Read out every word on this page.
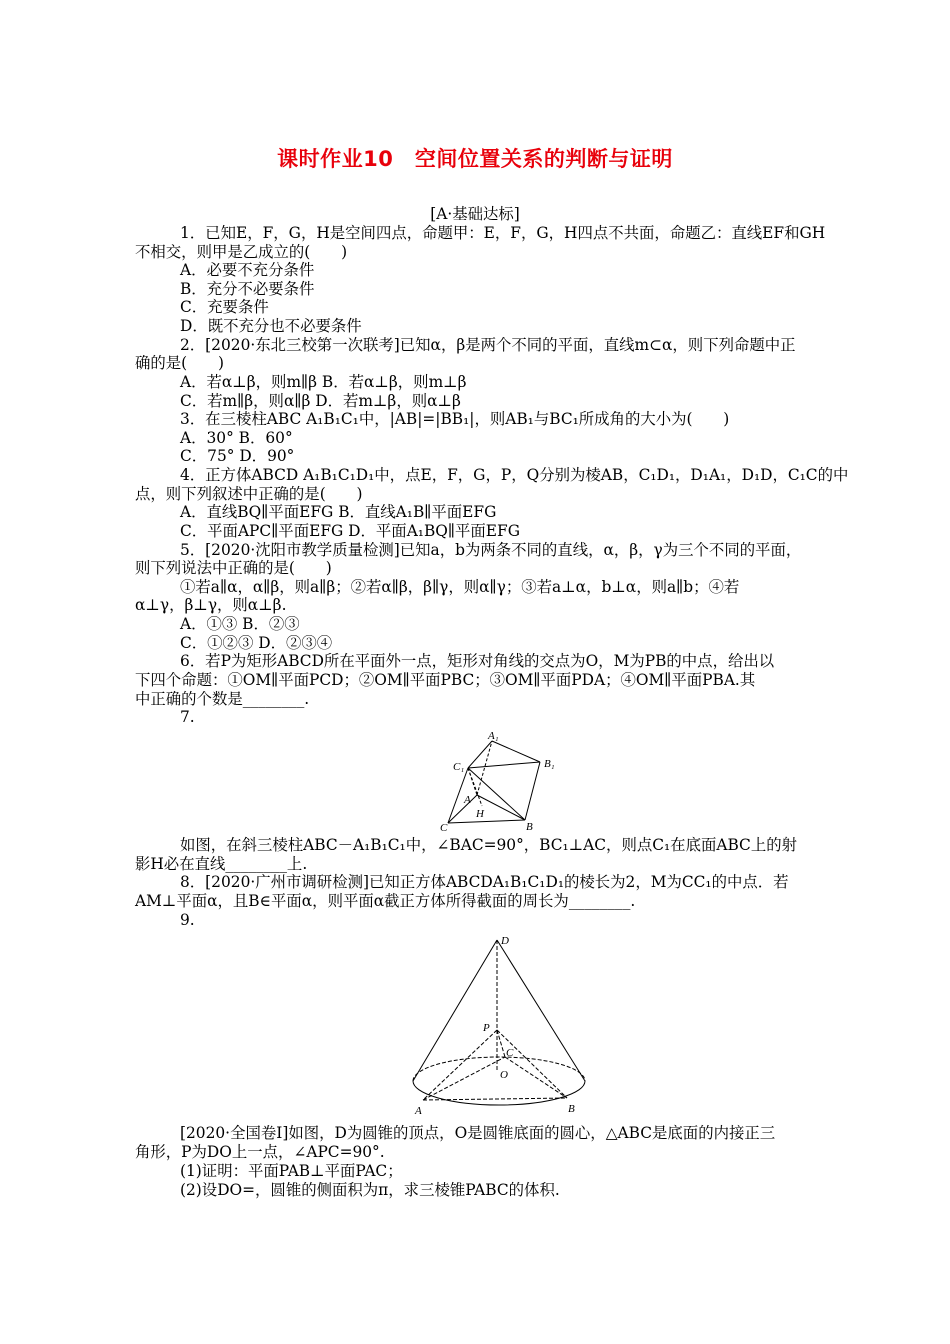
课时作业10　空间位置关系的判断与证明
[A·基础达标]
1．已知E，F，G，H是空间四点，命题甲：E，F，G，H四点不共面，命题乙：直线EF和GH
不相交，则甲是乙成立的(　　)
A．必要不充分条件
B．充分不必要条件
C．充要条件
D．既不充分也不必要条件
2．[2020·东北三校第一次联考]已知α，β是两个不同的平面，直线m⊂α，则下列命题中正
确的是(　　)
A．若α⊥β，则m∥β B．若α⊥β，则m⊥β
C．若m∥β，则α∥β D．若m⊥β，则α⊥β
3．在三棱柱ABC A₁B₁C₁中，|AB|=|BB₁|，则AB₁与BC₁所成角的大小为(　　)
A．30° B．60°
C．75° D．90°
4．正方体ABCD A₁B₁C₁D₁中，点E，F，G，P，Q分别为棱AB，C₁D₁，D₁A₁，D₁D，C₁C的中
点，则下列叙述中正确的是(　　)
A．直线BQ∥平面EFG B．直线A₁B∥平面EFG
C．平面APC∥平面EFG D．平面A₁BQ∥平面EFG
5．[2020·沈阳市教学质量检测]已知a，b为两条不同的直线，α，β，γ为三个不同的平面，
则下列说法中正确的是(　　)
①若a∥α，α∥β，则a∥β；②若α∥β，β∥γ，则α∥γ；③若a⊥α，b⊥α，则a∥b；④若
α⊥γ，β⊥γ，则α⊥β.
A．①③ B．②③
C．①②③ D．②③④
6．若P为矩形ABCD所在平面外一点，矩形对角线的交点为O，M为PB的中点，给出以
下四个命题：①OM∥平面PCD；②OM∥平面PBC；③OM∥平面PDA；④OM∥平面PBA.其
中正确的个数是________.
7.
A₁
B₁
C₁
A
B
C
H
如图，在斜三棱柱ABC－A₁B₁C₁中，∠BAC=90°，BC₁⊥AC，则点C₁在底面ABC上的射
影H必在直线________上.
8．[2020·广州市调研检测]已知正方体ABCDA₁B₁C₁D₁的棱长为2，M为CC₁的中点．若
AM⊥平面α，且B∈平面α，则平面α截正方体所得截面的周长为________.
9.
D
P
C
O
A	B
[2020·全国卷Ⅰ]如图，D为圆锥的顶点，O是圆锥底面的圆心，△ABC是底面的内接正三
角形，P为DO上一点，∠APC=90°.
(1)证明：平面PAB⊥平面PAC；
(2)设DO=，圆锥的侧面积为π，求三棱锥PABC的体积.
